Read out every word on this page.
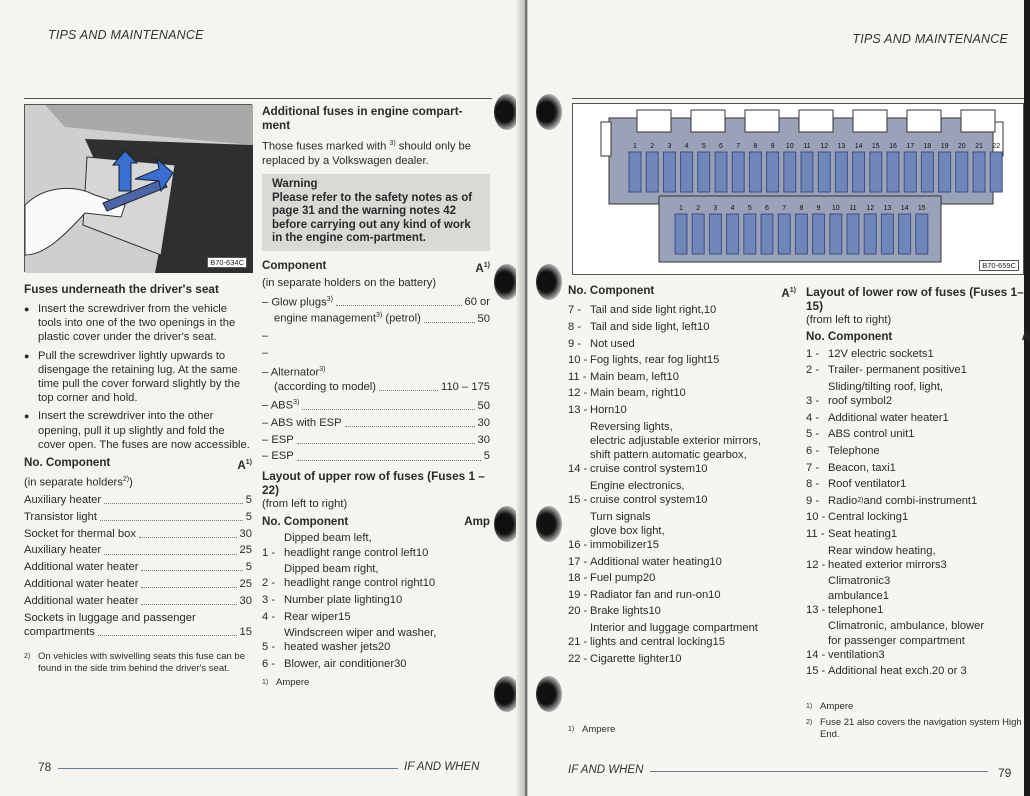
TIPS AND MAINTENANCE
B70-634C
Fuses underneath the driver's seat
● Insert the screwdriver from the vehicle tools into one of the two openings in the plastic cover under the driver's seat.
● Pull the screwdriver lightly upwards to disengage the retaining lug. At the same time pull the cover forward slightly by the top corner and hold.
● Insert the screwdriver into the other opening, pull it up slightly and fold the cover open. The fuses are now accessible.
No. Component	$A^{1)}$
(in separate holders$^{2)}$)
Auxiliary heater	5
Transistor light	5
Socket for thermal box	30
Auxiliary heater	25
Additional water heater	5
Additional water heater	25
Additional water heater	30
Sockets in luggage and passenger
compartments	15
2) On vehicles with swivelling seats this fuse can be found in the side trim behind the driver's seat.
Additional fuses in engine compart-ment

Those fuses marked with $^{3)}$ should only be replaced by a Volkswagen dealer.

Warning
Please refer to the safety notes as of page 31 and the warning notes 42 before carrying out any kind of work in the engine com-partment.
Component	$A^{1)}$
(in separate holders on the battery)
– Glow plugs$^{3)}$	60 or
engine management$^{3)}$ (petrol)	50
–
–
– Alternator$^{3)}$
(according to model)	110 – 175
– ABS$^{3)}$	50
– ABS with ESP	30
– ESP	30
– ESP	5
Layout of upper row of fuses (Fuses 1 – 22)
(from left to right)
No. Component	Amp
1 -
Dipped beam left,
headlight range control left 10
2 -
Dipped beam right,
headlight range control right 10
3 - Number plate lighting 10
4 - Rear wiper 15
5 -
Windscreen wiper and washer,
heated washer jets 20
6 - Blower, air conditioner 30
1) Ampere
78	IF AND WHEN
TIPS AND MAINTENANCE
1 2 3 4 5 6 7 8 9 10 11 12 13 14 15 16 17 18 19 20 21 22
1 2 3 4 5 6 7 8 9 10 11 12 13 14 15
B70-659C
No. Component	$A^{1)}$
7 - Tail and side light right, 10
8 - Tail and side light, left 10
9 - Not used
10 - Fog lights, rear fog light 15
11 - Main beam, left 10
12 - Main beam, right 10
13 - Horn 10
14 -
Reversing lights,
electric adjustable exterior mirrors,
shift pattern automatic gearbox,
cruise control system 10
15 -
Engine electronics,
cruise control system 10
16 -
Turn signals
glove box light,
immobilizer 15
17 - Additional water heating 10
18 - Fuel pump 20
19 - Radiator fan and run-on 10
20 - Brake lights 10
21 -
Interior and luggage compartment
lights and central locking 15
22 - Cigarette lighter 10
1) Ampere
Layout of lower row of fuses (Fuses 1– 15)
(from left to right)
No. Component	A
1 - 12V electric sockets 1
2 - Trailer- permanent positive 1
3 -
Sliding/tilting roof, light,
roof symbol 2
4 - Additional water heater 1
5 - ABS control unit 1
6 - Telephone
7 - Beacon, taxi 1
8 - Roof ventilator 1
9 - Radio 2) and combi-instrument 1
10 - Central locking 1
11 - Seat heating 1
12 -
Rear window heating,
heated exterior mirrors 3
13 -
Climatronic 3
ambulance 1
telephone 1
14 -
Climatronic, ambulance, blower
for passenger compartment
ventilation 3
15 - Additional heat exch. 20 or 3
1) Ampere
2) Fuse 21 also covers the navigation system High End.
IF AND WHEN	79
